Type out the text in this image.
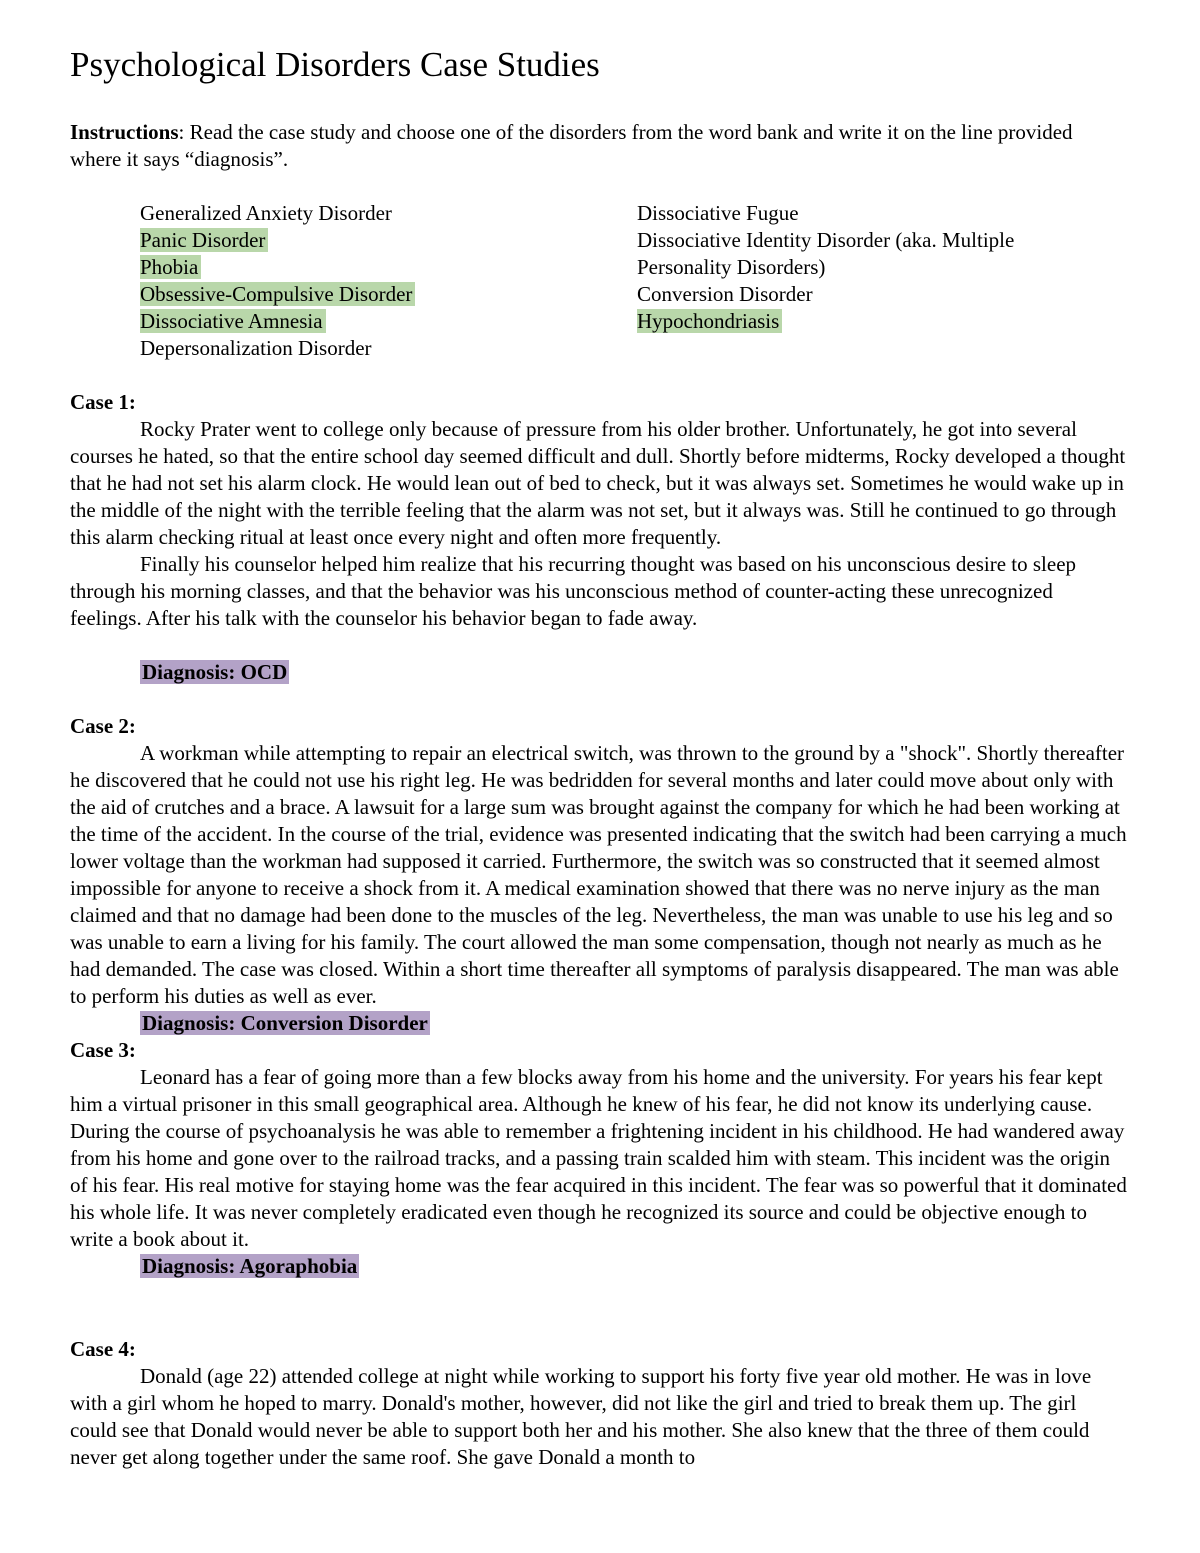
Psychological Disorders Case Studies

Instructions: Read the case study and choose one of the disorders from the word bank and write it on the line provided where it says “diagnosis”.

Generalized Anxiety Disorder
Panic Disorder
Phobia
Obsessive-Compulsive Disorder
Dissociative Amnesia
Depersonalization Disorder
Dissociative Fugue
Dissociative Identity Disorder (aka. Multiple Personality Disorders)
Conversion Disorder
Hypochondriasis

Case 1:

Rocky Prater went to college only because of pressure from his older brother. Unfortunately, he got into several courses he hated, so that the entire school day seemed difficult and dull. Shortly before midterms, Rocky developed a thought that he had not set his alarm clock. He would lean out of bed to check, but it was always set. Sometimes he would wake up in the middle of the night with the terrible feeling that the alarm was not set, but it always was. Still he continued to go through this alarm checking ritual at least once every night and often more frequently.

Finally his counselor helped him realize that his recurring thought was based on his unconscious desire to sleep through his morning classes, and that the behavior was his unconscious method of counter-acting these unrecognized feelings. After his talk with the counselor his behavior began to fade away.

Diagnosis: OCD

Case 2:

A workman while attempting to repair an electrical switch, was thrown to the ground by a "shock". Shortly thereafter he discovered that he could not use his right leg. He was bedridden for several months and later could move about only with the aid of crutches and a brace. A lawsuit for a large sum was brought against the company for which he had been working at the time of the accident. In the course of the trial, evidence was presented indicating that the switch had been carrying a much lower voltage than the workman had supposed it carried. Furthermore, the switch was so constructed that it seemed almost impossible for anyone to receive a shock from it. A medical examination showed that there was no nerve injury as the man claimed and that no damage had been done to the muscles of the leg. Nevertheless, the man was unable to use his leg and so was unable to earn a living for his family. The court allowed the man some compensation, though not nearly as much as he had demanded. The case was closed. Within a short time thereafter all symptoms of paralysis disappeared. The man was able to perform his duties as well as ever.

Diagnosis: Conversion Disorder

Case 3:

Leonard has a fear of going more than a few blocks away from his home and the university. For years his fear kept him a virtual prisoner in this small geographical area. Although he knew of his fear, he did not know its underlying cause. During the course of psychoanalysis he was able to remember a frightening incident in his childhood. He had wandered away from his home and gone over to the railroad tracks, and a passing train scalded him with steam. This incident was the origin of his fear. His real motive for staying home was the fear acquired in this incident. The fear was so powerful that it dominated his whole life. It was never completely eradicated even though he recognized its source and could be objective enough to write a book about it.

Diagnosis: Agoraphobia

Case 4:

Donald (age 22) attended college at night while working to support his forty five year old mother. He was in love with a girl whom he hoped to marry. Donald's mother, however, did not like the girl and tried to break them up. The girl could see that Donald would never be able to support both her and his mother. She also knew that the three of them could never get along together under the same roof. She gave Donald a month to
